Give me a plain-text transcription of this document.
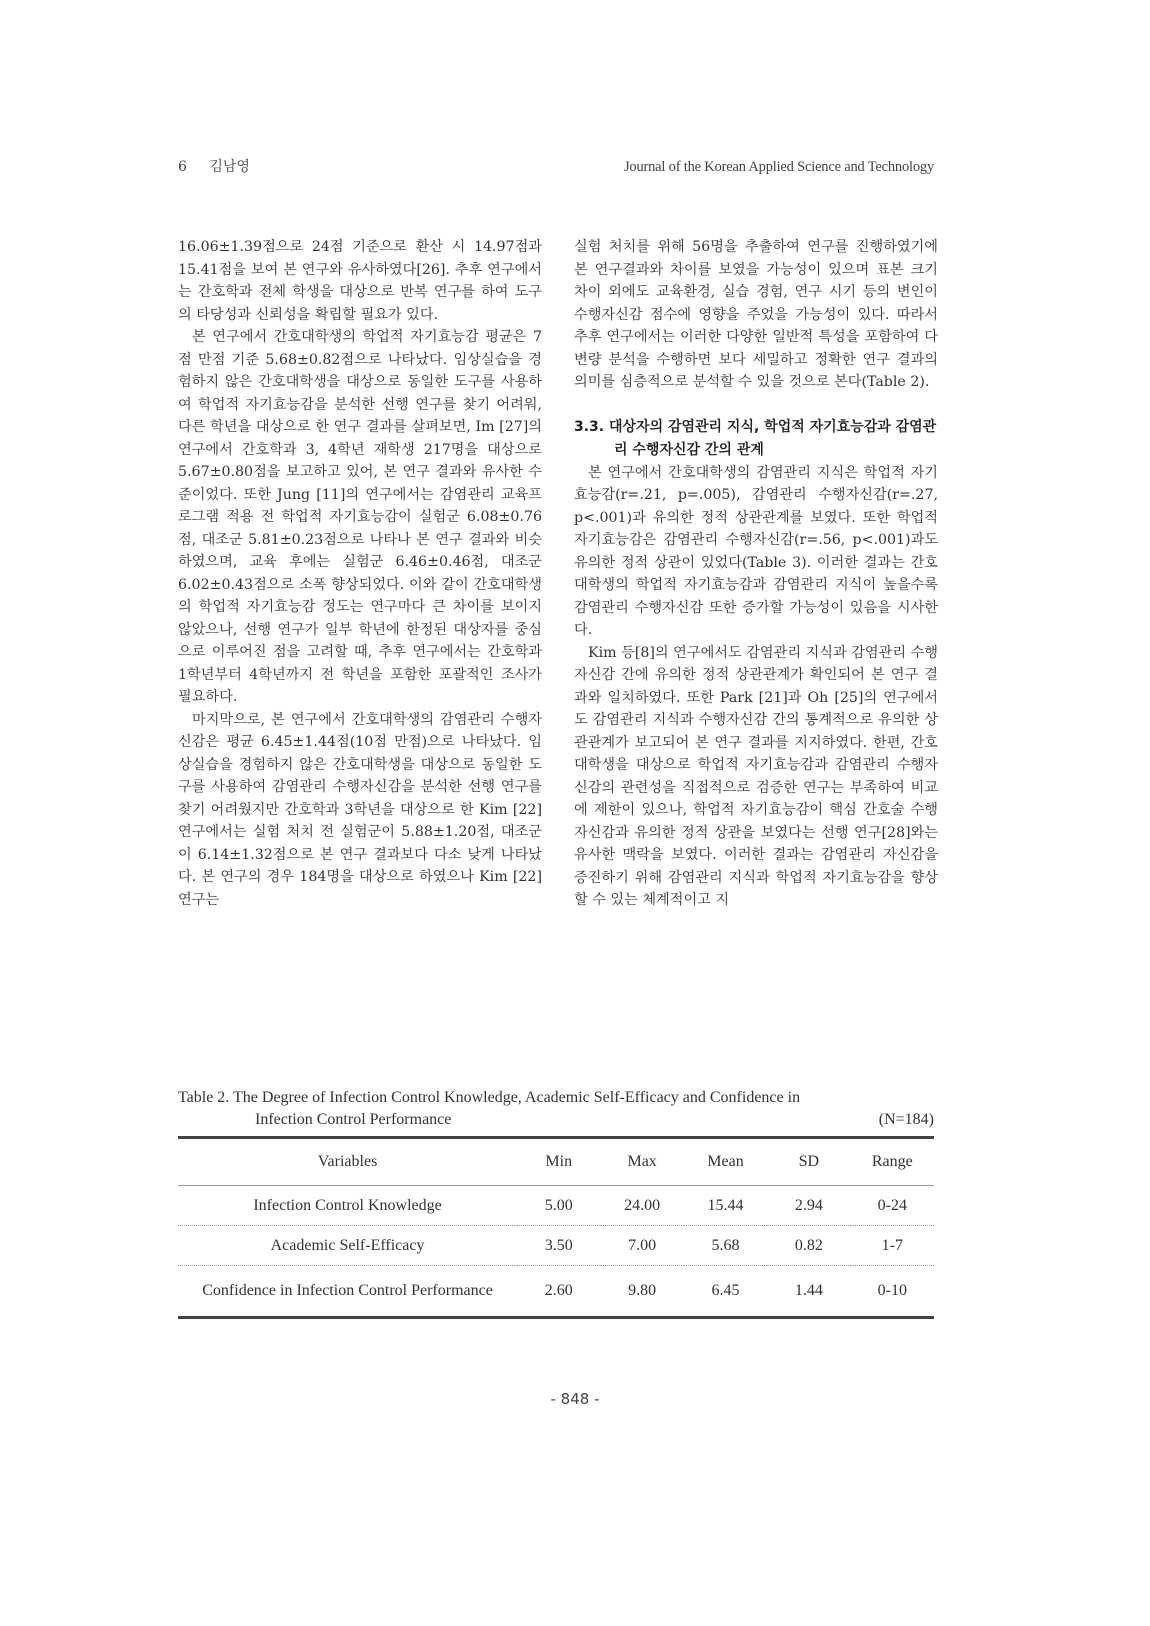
6 김남영	Journal of the Korean Applied Science and Technology

16.06±1.39점으로 24점 기준으로 환산 시 14.97점과 15.41점을 보여 본 연구와 유사하였다[26]. 추후 연구에서는 간호학과 전체 학생을 대상으로 반복 연구를 하여 도구의 타당성과 신뢰성을 확립할 필요가 있다.

본 연구에서 간호대학생의 학업적 자기효능감 평균은 7점 만점 기준 5.68±0.82점으로 나타났다. 임상실습을 경험하지 않은 간호대학생을 대상으로 동일한 도구를 사용하여 학업적 자기효능감을 분석한 선행 연구를 찾기 어려워, 다른 학년을 대상으로 한 연구 결과를 살펴보면, Im [27]의 연구에서 간호학과 3, 4학년 재학생 217명을 대상으로 5.67±0.80점을 보고하고 있어, 본 연구 결과와 유사한 수준이었다. 또한 Jung [11]의 연구에서는 감염관리 교육프로그램 적용 전 학업적 자기효능감이 실험군 6.08±0.76점, 대조군 5.81±0.23점으로 나타나 본 연구 결과와 비슷하였으며, 교육 후에는 실험군 6.46±0.46점, 대조군 6.02±0.43점으로 소폭 향상되었다. 이와 같이 간호대학생의 학업적 자기효능감 정도는 연구마다 큰 차이를 보이지 않았으나, 선행 연구가 일부 학년에 한정된 대상자를 중심으로 이루어진 점을 고려할 때, 추후 연구에서는 간호학과 1학년부터 4학년까지 전 학년을 포함한 포괄적인 조사가 필요하다.

마지막으로, 본 연구에서 간호대학생의 감염관리 수행자신감은 평균 6.45±1.44점(10점 만점)으로 나타났다. 임상실습을 경험하지 않은 간호대학생을 대상으로 동일한 도구를 사용하여 감염관리 수행자신감을 분석한 선행 연구를 찾기 어려웠지만 간호학과 3학년을 대상으로 한 Kim [22] 연구에서는 실험 처치 전 실험군이 5.88±1.20점, 대조군이 6.14±1.32점으로 본 연구 결과보다 다소 낮게 나타났다. 본 연구의 경우 184명을 대상으로 하였으나 Kim [22] 연구는

실험 처치를 위해 56명을 추출하여 연구를 진행하였기에 본 연구결과와 차이를 보였을 가능성이 있으며 표본 크기 차이 외에도 교육환경, 실습 경험, 연구 시기 등의 변인이 수행자신감 점수에 영향을 주었을 가능성이 있다. 따라서 추후 연구에서는 이러한 다양한 일반적 특성을 포함하여 다변량 분석을 수행하면 보다 세밀하고 정확한 연구 결과의 의미를 심층적으로 분석할 수 있을 것으로 본다(Table 2).

3.3. 대상자의 감염관리 지식, 학업적 자기효능감과 감염관리 수행자신감 간의 관계

본 연구에서 간호대학생의 감염관리 지식은 학업적 자기효능감(r=.21, p=.005), 감염관리 수행자신감(r=.27, p<.001)과 유의한 정적 상관관계를 보였다. 또한 학업적 자기효능감은 감염관리 수행자신감(r=.56, p<.001)과도 유의한 정적 상관이 있었다(Table 3). 이러한 결과는 간호대학생의 학업적 자기효능감과 감염관리 지식이 높을수록 감염관리 수행자신감 또한 증가할 가능성이 있음을 시사한다.

Kim 등[8]의 연구에서도 감염관리 지식과 감염관리 수행자신감 간에 유의한 정적 상관관계가 확인되어 본 연구 결과와 일치하였다. 또한 Park [21]과 Oh [25]의 연구에서도 감염관리 지식과 수행자신감 간의 통계적으로 유의한 상관관계가 보고되어 본 연구 결과를 지지하였다. 한편, 간호대학생을 대상으로 학업적 자기효능감과 감염관리 수행자신감의 관련성을 직접적으로 검증한 연구는 부족하여 비교에 제한이 있으나, 학업적 자기효능감이 핵심 간호술 수행자신감과 유의한 정적 상관을 보였다는 선행 연구[28]와는 유사한 맥락을 보였다. 이러한 결과는 감염관리 자신감을 증진하기 위해 감염관리 지식과 학업적 자기효능감을 향상할 수 있는 체계적이고 지

Table 2. The Degree of Infection Control Knowledge, Academic Self-Efficacy and Confidence in
Infection Control Performance	(N=184)
Variables	Min	Max	Mean	SD	Range
Infection Control Knowledge	5.00	24.00	15.44	2.94	0-24
Academic Self-Efficacy	3.50	7.00	5.68	0.82	1-7
Confidence in Infection Control Performance	2.60	9.80	6.45	1.44	0-10
- 848 -
